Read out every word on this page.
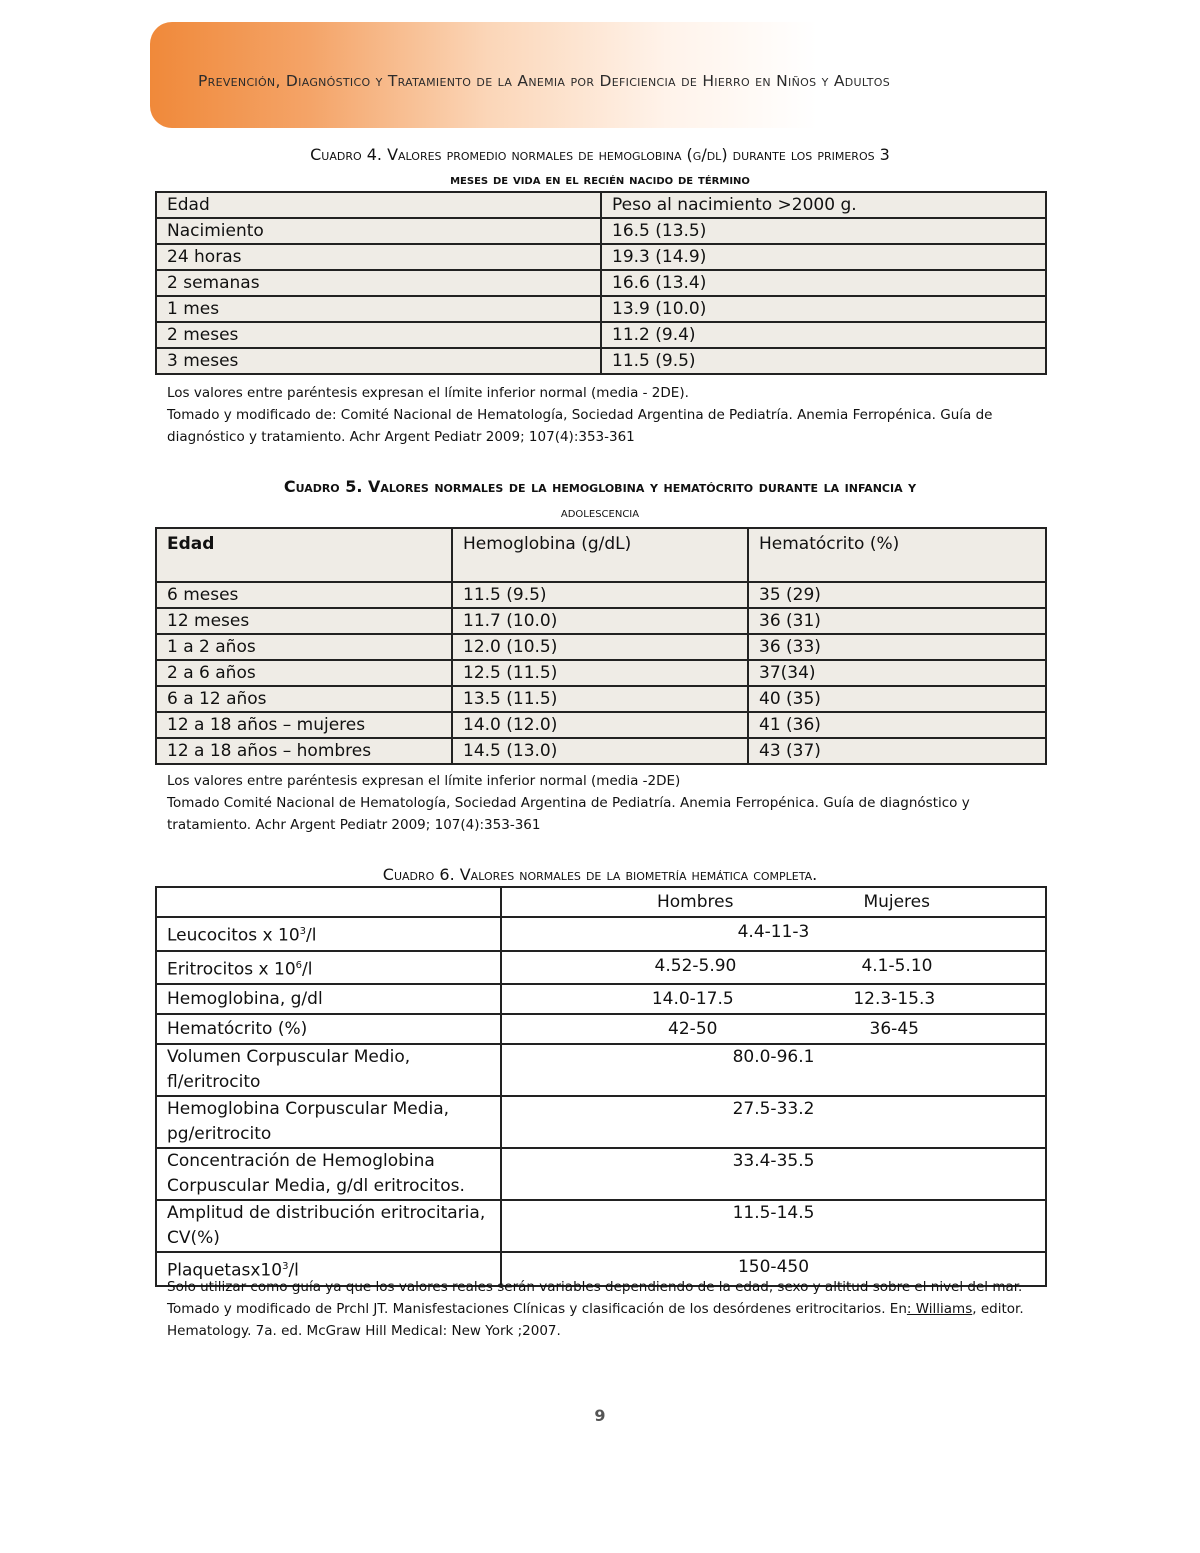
Prevención, Diagnóstico y Tratamiento de la Anemia por Deficiencia de Hierro en Niños y Adultos
Cuadro 4. Valores promedio normales de hemoglobina (g/dl) durante los primeros 3
meses de vida en el recién nacido de término
Edad	Peso al nacimiento >2000 g.
Nacimiento	16.5 (13.5)
24 horas	19.3 (14.9)
2 semanas	16.6 (13.4)
1 mes	13.9 (10.0)
2 meses	11.2 (9.4)
3 meses	11.5 (9.5)
Los valores entre paréntesis expresan el límite inferior normal (media - 2DE).
Tomado y modificado de: Comité Nacional de Hematología, Sociedad Argentina de Pediatría. Anemia Ferropénica. Guía de diagnóstico y tratamiento. Achr Argent Pediatr 2009; 107(4):353-361
Cuadro 5. Valores normales de la hemoglobina y hematócrito durante la infancia y
adolescencia
Edad	Hemoglobina (g/dL)	Hematócrito (%)
6 meses	11.5 (9.5)	35 (29)
12 meses	11.7 (10.0)	36 (31)
1 a 2 años	12.0 (10.5)	36 (33)
2 a 6 años	12.5 (11.5)	37(34)
6 a 12 años	13.5 (11.5)	40 (35)
12 a 18 años – mujeres	14.0 (12.0)	41 (36)
12 a 18 años – hombres	14.5 (13.0)	43 (37)
Los valores entre paréntesis expresan el límite inferior normal (media -2DE)
Tomado Comité Nacional de Hematología, Sociedad Argentina de Pediatría. Anemia Ferropénica. Guía de diagnóstico y tratamiento. Achr Argent Pediatr 2009; 107(4):353-361
Cuadro 6. Valores normales de la biometría hemática completa.

	Hombres Mujeres

Leucocitos x $10^3/l$	4.4-11-3
Eritrocitos x $10^6/l$	4.52-5.90 4.1-5.10

Hemoglobina, g/dl	14.0-17.5 12.3-15.3

Hematócrito (%)	42-50 36-45

Volumen Corpuscular Medio, fl/eritrocito	80.0-96.1
Hemoglobina Corpuscular Media, pg/eritrocito	27.5-33.2
Concentración de Hemoglobina Corpuscular Media, g/dl eritrocitos.	33.4-35.5
Amplitud de distribución eritrocitaria, CV(%)	11.5-14.5
$Plaquetasx10^3/l$	150-450
Solo utilizar como guía ya que los valores reales serán variables dependiendo de la edad, sexo y altitud sobre el nivel del mar.
Tomado y modificado de Prchl JT. Manisfestaciones Clínicas y clasificación de los desórdenes eritrocitarios. En: Williams, editor. Hematology. 7a. ed. McGraw Hill Medical: New York ;2007.
9
